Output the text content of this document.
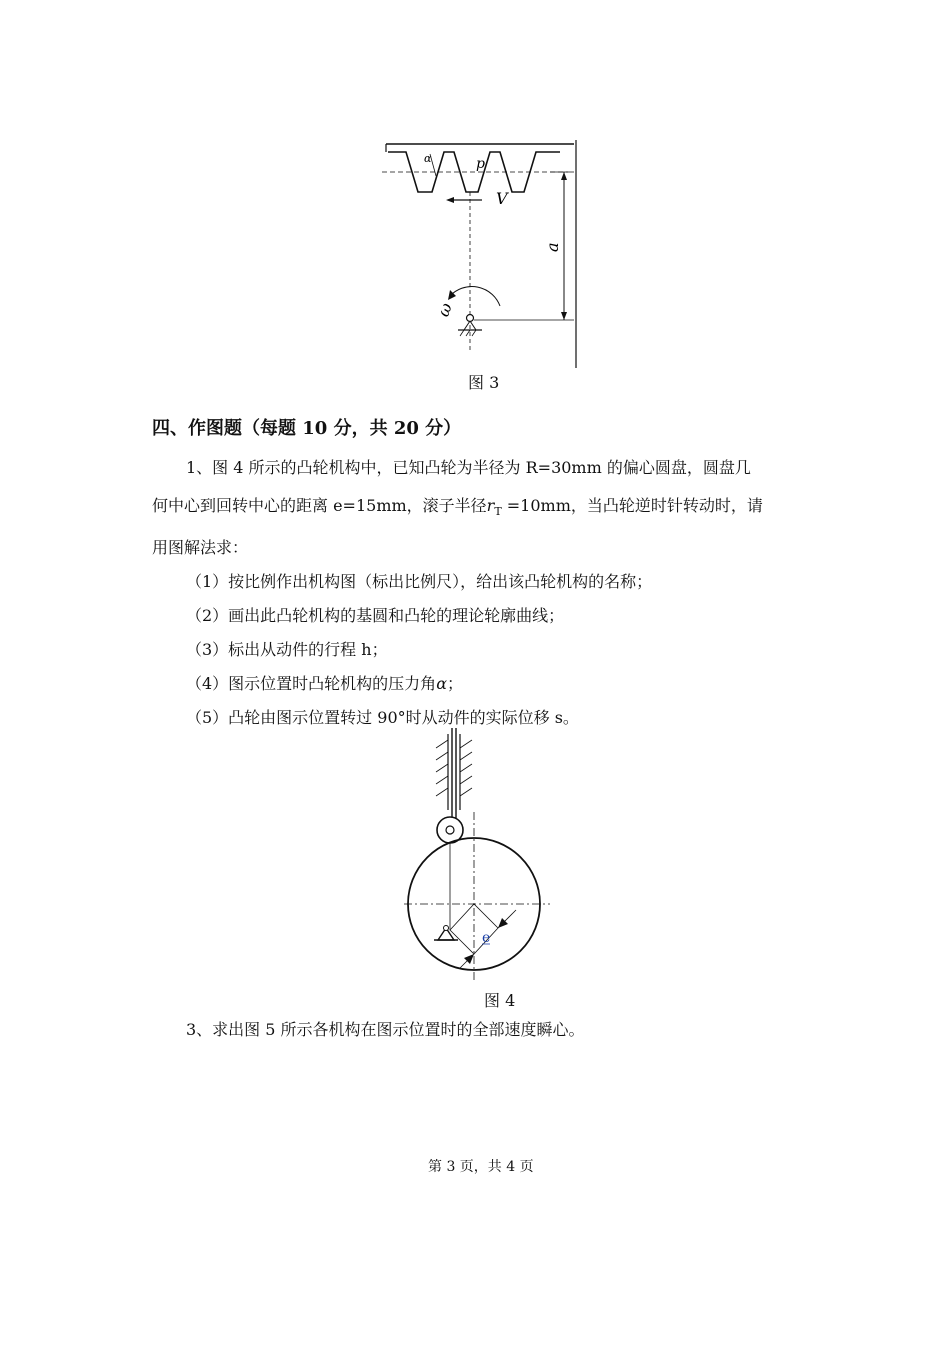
V
α	p
a
ω
图 3
四、作图题（每题 10 分，共 20 分）
1、图 4 所示的凸轮机构中，已知凸轮为半径为 R=30mm 的偏心圆盘，圆盘几
何中心到回转中心的距离 e=15mm，滚子半径$r_T =10mm$，当凸轮逆时针转动时，请
用图解法求：
（1）按比例作出机构图（标出比例尺），给出该凸轮机构的名称；
（2）画出此凸轮机构的基圆和凸轮的理论轮廓曲线；
（3）标出从动件的行程 h；
（4）图示位置时凸轮机构的压力角α；
（5）凸轮由图示位置转过 90°时从动件的实际位移 s。
e
图 4
3、求出图 5 所示各机构在图示位置时的全部速度瞬心。
第 3 页，共 4 页
